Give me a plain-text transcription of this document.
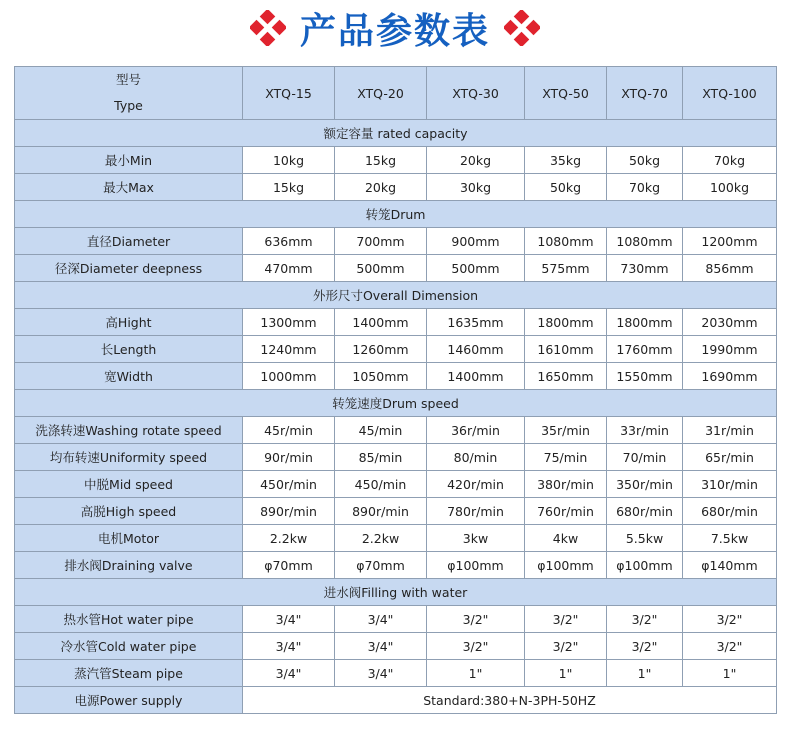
产品参数表
型号
Type	XTQ-15	XTQ-20	XTQ-30	XTQ-50	XTQ-70	XTQ-100
额定容量 rated capacity						
最小Min	10kg	15kg	20kg	35kg	50kg	70kg
最大Max	15kg	20kg	30kg	50kg	70kg	100kg
转笼Drum						
直径Diameter	636mm	700mm	900mm	1080mm	1080mm	1200mm
径深Diameter deepness	470mm	500mm	500mm	575mm	730mm	856mm
外形尺寸Overall Dimension						
高Hight	1300mm	1400mm	1635mm	1800mm	1800mm	2030mm
长Length	1240mm	1260mm	1460mm	1610mm	1760mm	1990mm
宽Width	1000mm	1050mm	1400mm	1650mm	1550mm	1690mm
转笼速度Drum speed						
洗涤转速Washing rotate speed	45r/min	45/min	36r/min	35r/min	33r/min	31r/min
均布转速Uniformity speed	90r/min	85/min	80/min	75/min	70/min	65r/min
中脱Mid speed	450r/min	450/min	420r/min	380r/min	350r/min	310r/min
高脱High speed	890r/min	890r/min	780r/min	760r/min	680r/min	680r/min
电机Motor	2.2kw	2.2kw	3kw	4kw	5.5kw	7.5kw
排水阀Draining valve	φ70mm	φ70mm	φ100mm	φ100mm	φ100mm	φ140mm
进水阀Filling with water						
热水管Hot water pipe	3/4"	3/4"	3/2"	3/2"	3/2"	3/2"
冷水管Cold water pipe	3/4"	3/4"	3/2"	3/2"	3/2"	3/2"
蒸汽管Steam pipe	3/4"	3/4"	1"	1"	1"	1"
电源Power supply	Standard:380+N-3PH-50HZ					
